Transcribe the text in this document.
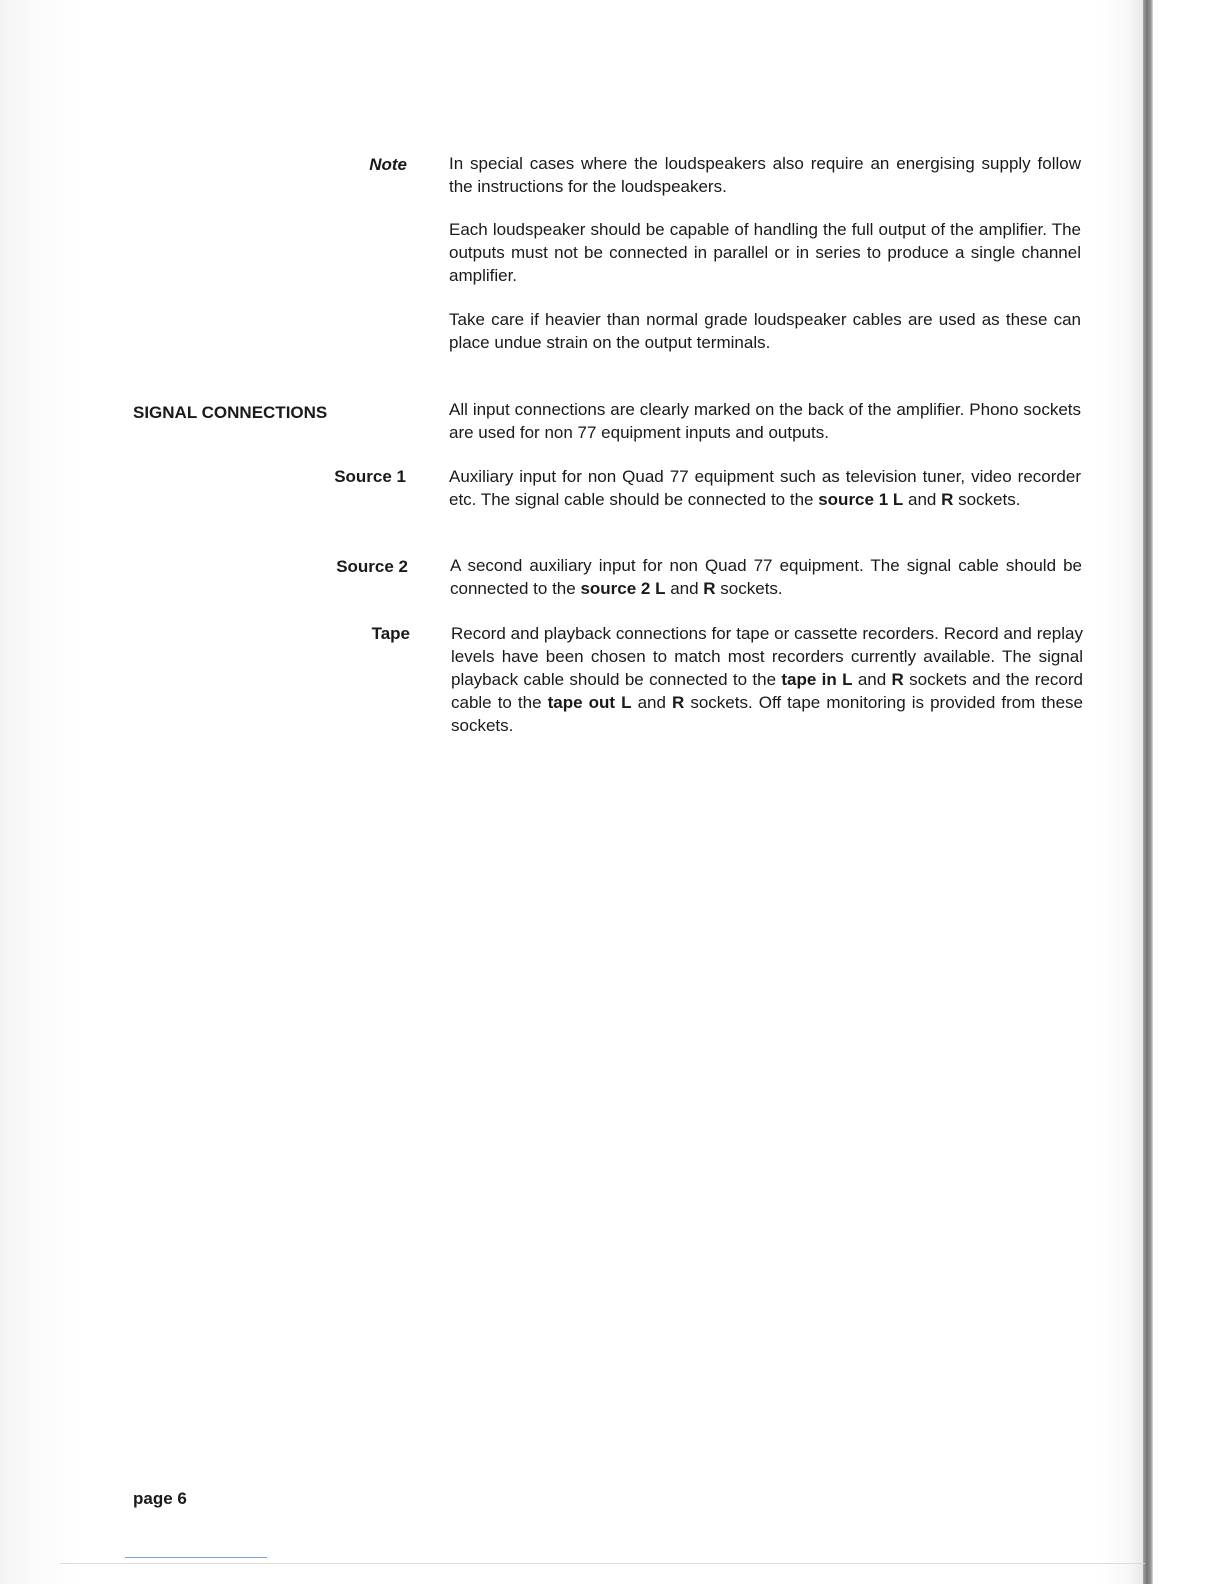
Note In special cases where the loudspeakers also require an energising supply follow the instructions for the loudspeakers.

Each loudspeaker should be capable of handling the full output of the amplifier. The outputs must not be connected in parallel or in series to produce a single channel amplifier.

Take care if heavier than normal grade loudspeaker cables are used as these can place undue strain on the output terminals.

SIGNAL CONNECTIONS	All input connections are clearly marked on the back of the amplifier. Phono sockets are used for non 77 equipment inputs and outputs.

Source 1	Auxiliary input for non Quad 77 equipment such as television tuner, video recorder etc. The signal cable should be connected to the source 1 L and R sockets.

Source 2 A second auxiliary input for non Quad 77 equipment. The signal cable should be connected to the source 2 L and R sockets.

Tape Record and playback connections for tape or cassette recorders. Record and replay levels have been chosen to match most recorders currently available. The signal playback cable should be connected to the tape in L and R sockets and the record cable to the tape out L and R sockets. Off tape monitoring is provided from these sockets.

page 6
